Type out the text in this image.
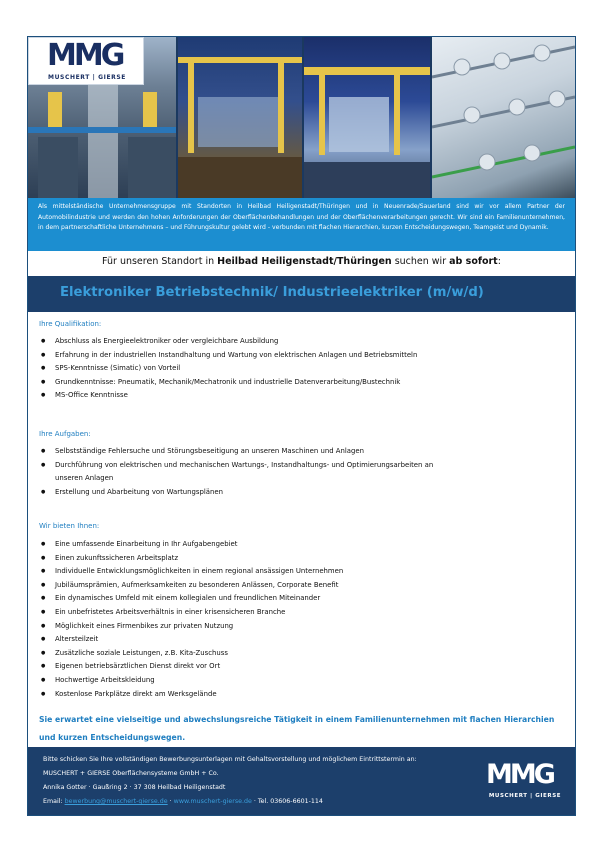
MMG
MUSCHERT | GIERSE
Als mittelständische Unternehmensgruppe mit Standorten in Heilbad Heiligenstadt/Thüringen und in Neuenrade/Sauerland sind wir vor allem Partner der Automobilindustrie und werden den hohen Anforderungen der Oberflächenbehandlungen und der Oberflächenverarbeitungen gerecht. Wir sind ein Familienunternehmen, in dem partnerschaftliche Unternehmens – und Führungskultur gelebt wird - verbunden mit flachen Hierarchien, kurzen Entscheidungswegen, Teamgeist und Dynamik.
Für unseren Standort in Heilbad Heiligenstadt/Thüringen suchen wir ab sofort:
Elektroniker Betriebstechnik/ Industrieelektriker (m/w/d)
Ihre Qualifikation:
● Abschluss als Energieelektroniker oder vergleichbare Ausbildung
● Erfahrung in der industriellen Instandhaltung und Wartung von elektrischen Anlagen und Betriebsmitteln
● SPS-Kenntnisse (Simatic) von Vorteil
● Grundkenntnisse: Pneumatik, Mechanik/Mechatronik und industrielle Datenverarbeitung/Bustechnik
● MS-Office Kenntnisse
Ihre Aufgaben:
● Selbstständige Fehlersuche und Störungsbeseitigung an unseren Maschinen und Anlagen
● Durchführung von elektrischen und mechanischen Wartungs-, Instandhaltungs- und Optimierungsarbeiten an
unseren Anlagen
● Erstellung und Abarbeitung von Wartungsplänen
Wir bieten Ihnen:
● Eine umfassende Einarbeitung in Ihr Aufgabengebiet
● Einen zukunftssicheren Arbeitsplatz
● Individuelle Entwicklungsmöglichkeiten in einem regional ansässigen Unternehmen
● Jubiläumsprämien, Aufmerksamkeiten zu besonderen Anlässen, Corporate Benefit
● Ein dynamisches Umfeld mit einem kollegialen und freundlichen Miteinander
● Ein unbefristetes Arbeitsverhältnis in einer krisensicheren Branche
● Möglichkeit eines Firmenbikes zur privaten Nutzung
● Altersteilzeit
● Zusätzliche soziale Leistungen, z.B. Kita-Zuschuss
● Eigenen betriebsärztlichen Dienst direkt vor Ort
● Hochwertige Arbeitskleidung
● Kostenlose Parkplätze direkt am Werksgelände
Sie erwartet eine vielseitige und abwechslungsreiche Tätigkeit in einem Familienunternehmen mit flachen Hierarchien und kurzen Entscheidungswegen.
Bitte schicken Sie Ihre vollständigen Bewerbungsunterlagen mit Gehaltsvorstellung und möglichem Eintrittstermin an:
MUSCHERT + GIERSE Oberflächensysteme GmbH + Co.
Annika Gotter · Gaußring 2 · 37 308 Heilbad Heiligenstadt
Email: bewerbung@muschert-gierse.de · www.muschert-gierse.de · Tel. 03606-6601-114
MMG
MUSCHERT | GIERSE
